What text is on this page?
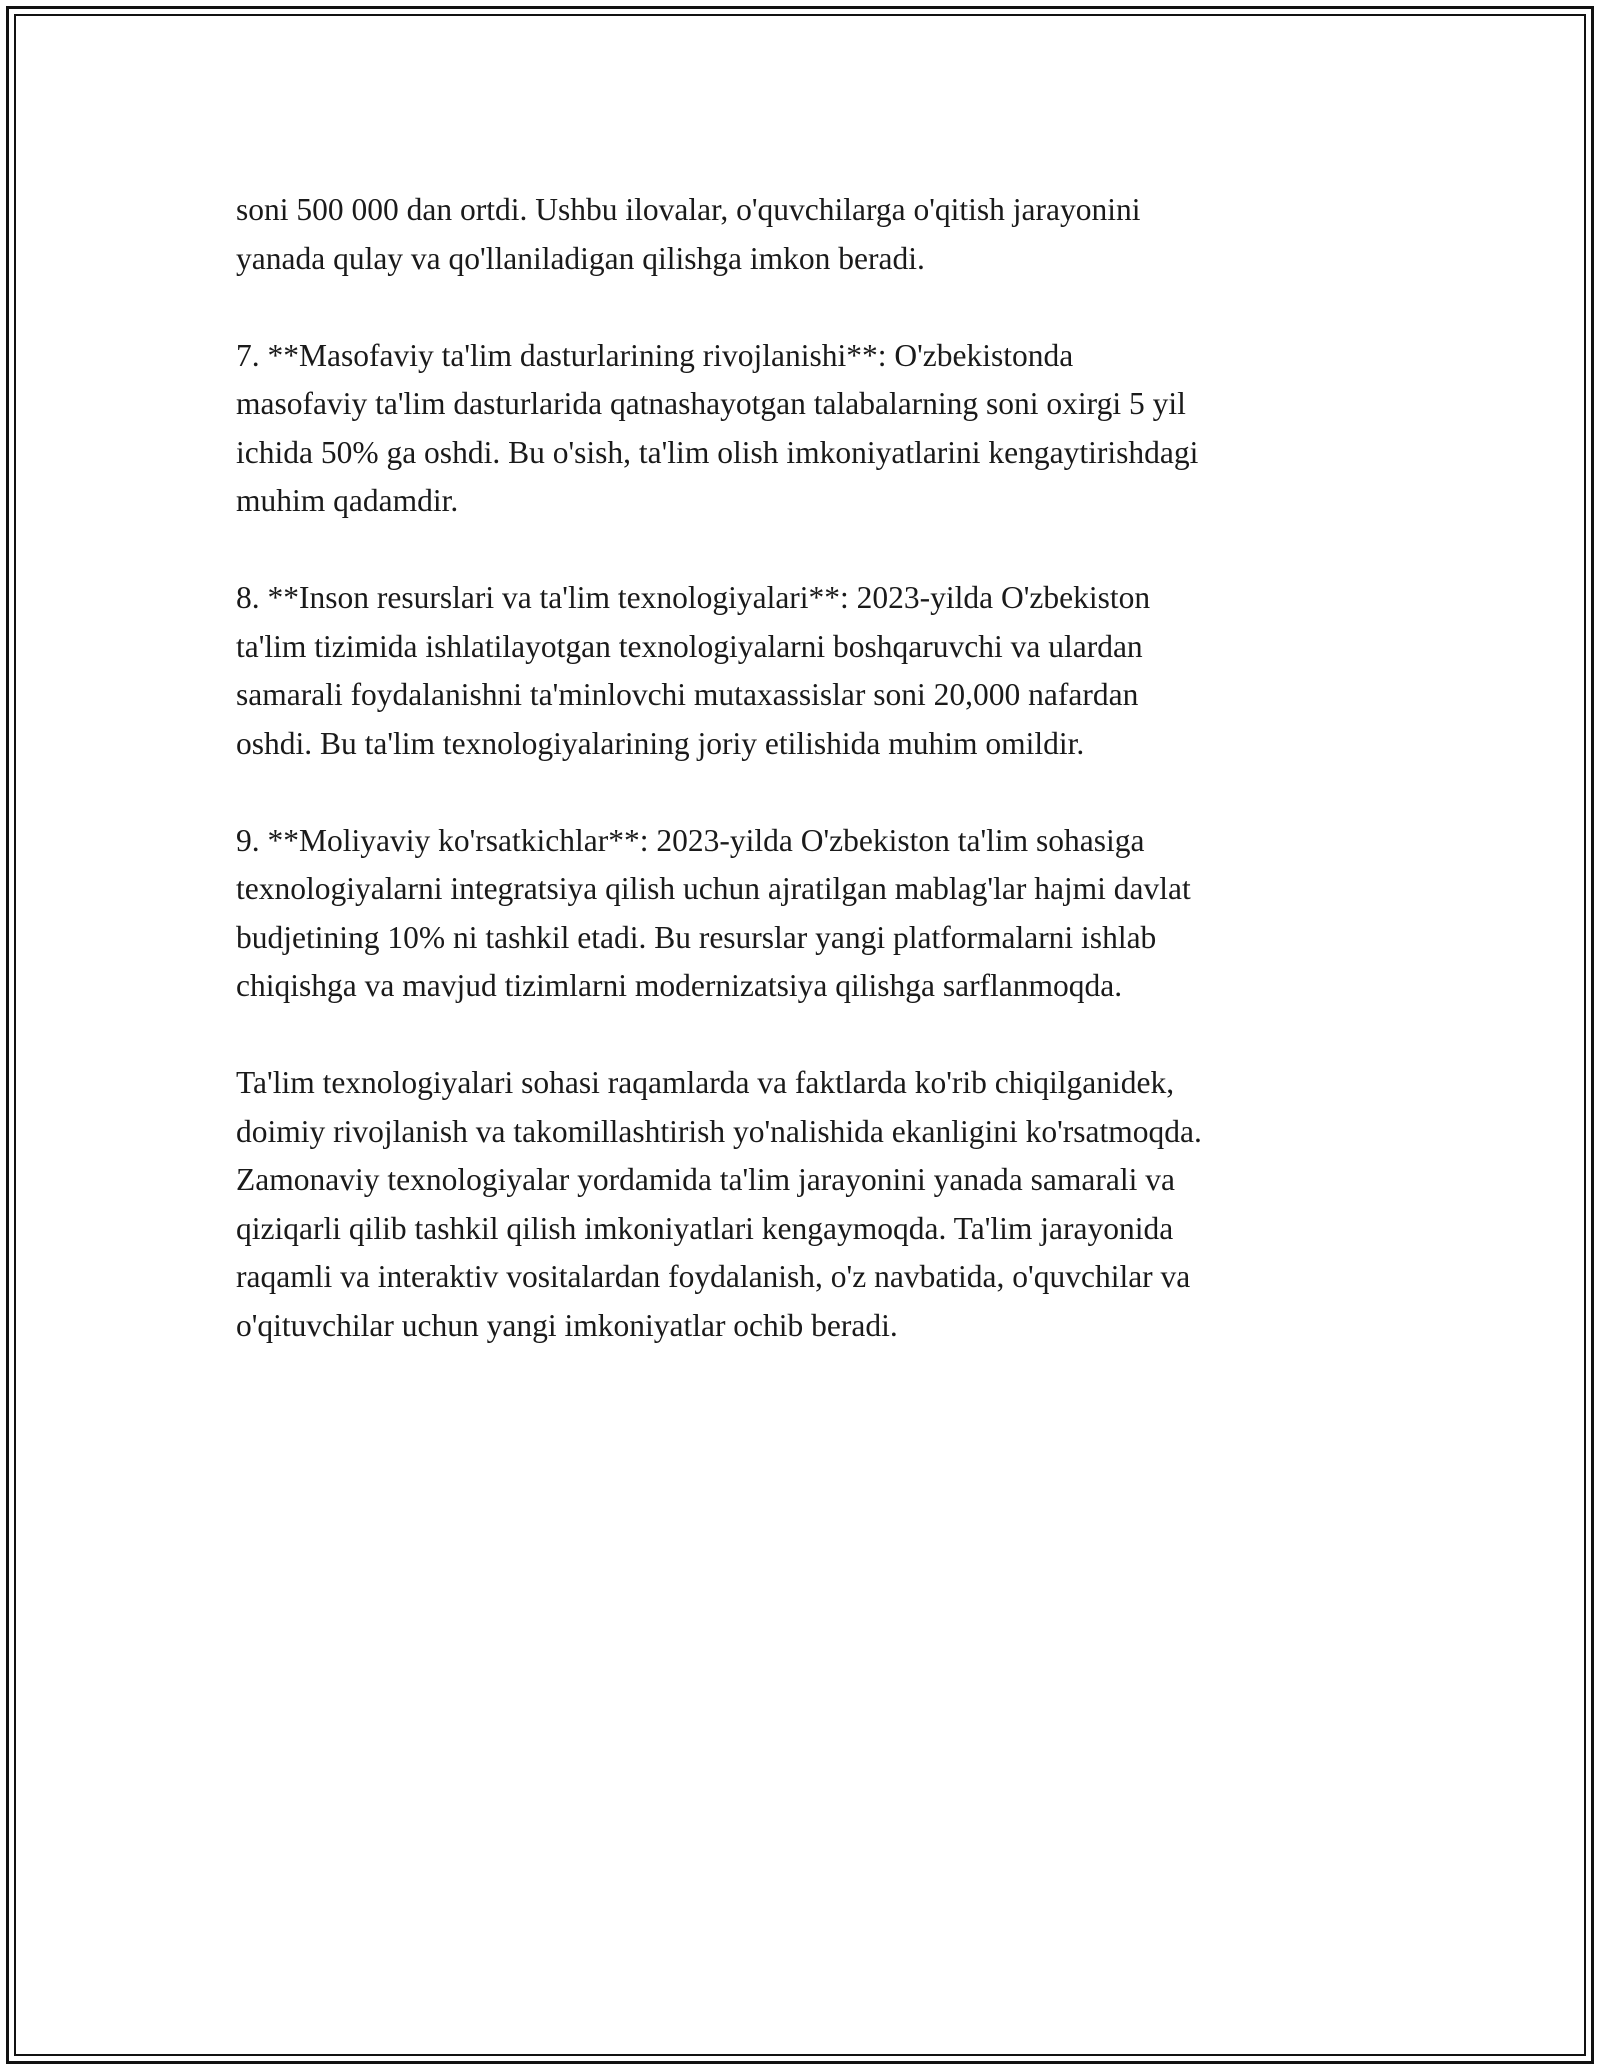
soni 500 000 dan ortdi. Ushbu ilovalar, o'quvchilarga o'qitish jarayonini
yanada qulay va qo'llaniladigan qilishga imkon beradi.

7. **Masofaviy ta'lim dasturlarining rivojlanishi**: O'zbekistonda
masofaviy ta'lim dasturlarida qatnashayotgan talabalarning soni oxirgi 5 yil
ichida 50% ga oshdi. Bu o'sish, ta'lim olish imkoniyatlarini kengaytirishdagi
muhim qadamdir.

8. **Inson resurslari va ta'lim texnologiyalari**: 2023-yilda O'zbekiston
ta'lim tizimida ishlatilayotgan texnologiyalarni boshqaruvchi va ulardan
samarali foydalanishni ta'minlovchi mutaxassislar soni 20,000 nafardan
oshdi. Bu ta'lim texnologiyalarining joriy etilishida muhim omildir.

9. **Moliyaviy ko'rsatkichlar**: 2023-yilda O'zbekiston ta'lim sohasiga
texnologiyalarni integratsiya qilish uchun ajratilgan mablag'lar hajmi davlat
budjetining 10% ni tashkil etadi. Bu resurslar yangi platformalarni ishlab
chiqishga va mavjud tizimlarni modernizatsiya qilishga sarflanmoqda.

Ta'lim texnologiyalari sohasi raqamlarda va faktlarda ko'rib chiqilganidek,
doimiy rivojlanish va takomillashtirish yo'nalishida ekanligini ko'rsatmoqda.
Zamonaviy texnologiyalar yordamida ta'lim jarayonini yanada samarali va
qiziqarli qilib tashkil qilish imkoniyatlari kengaymoqda. Ta'lim jarayonida
raqamli va interaktiv vositalardan foydalanish, o'z navbatida, o'quvchilar va
o'qituvchilar uchun yangi imkoniyatlar ochib beradi.
